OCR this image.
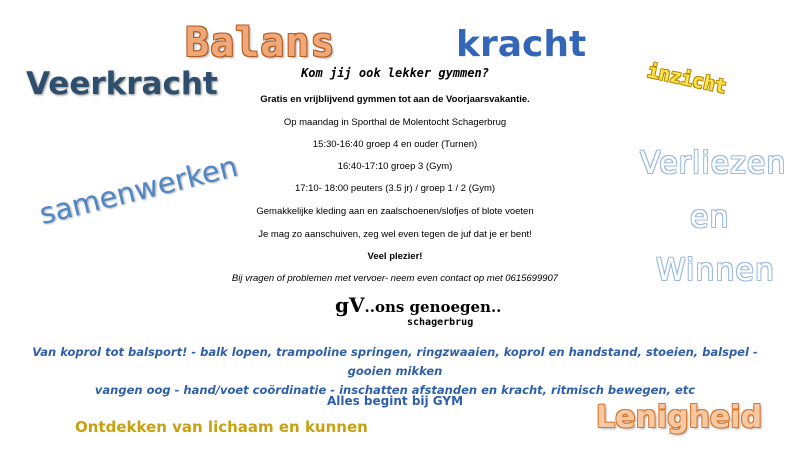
Balans	kracht
Veerkracht	inzicht
samenwerken	Verliezen
en
Winnen
Lenigheid
Ontdekken van lichaam en kunnen
Kom jij ook lekker gymmen?
Gratis en vrijblijvend gymmen tot aan de Voorjaarsvakantie.
Op maandag in Sporthal de Molentocht Schagerbrug
15:30-16:40 groep 4 en ouder (Turnen)
16:40-17:10 groep 3 (Gym)
17:10- 18:00 peuters (3.5 jr) / groep 1 / 2 (Gym)
Gemakkelijke kleding aan en zaalschoenen/slofjes of blote voeten
Je mag zo aanschuiven, zeg wel even tegen de juf dat je er bent!
Veel plezier!
Bij vragen of problemen met vervoer- neem even contact op met 0615699907
gV..ons genoegen..
schagerbrug
Van koprol tot balsport! - balk lopen, trampoline springen, ringzwaaien, koprol en handstand, stoeien, balspel - gooien mikken
vangen oog - hand/voet coördinatie - inschatten afstanden en kracht, ritmisch bewegen, etc
Alles begint bij GYM
